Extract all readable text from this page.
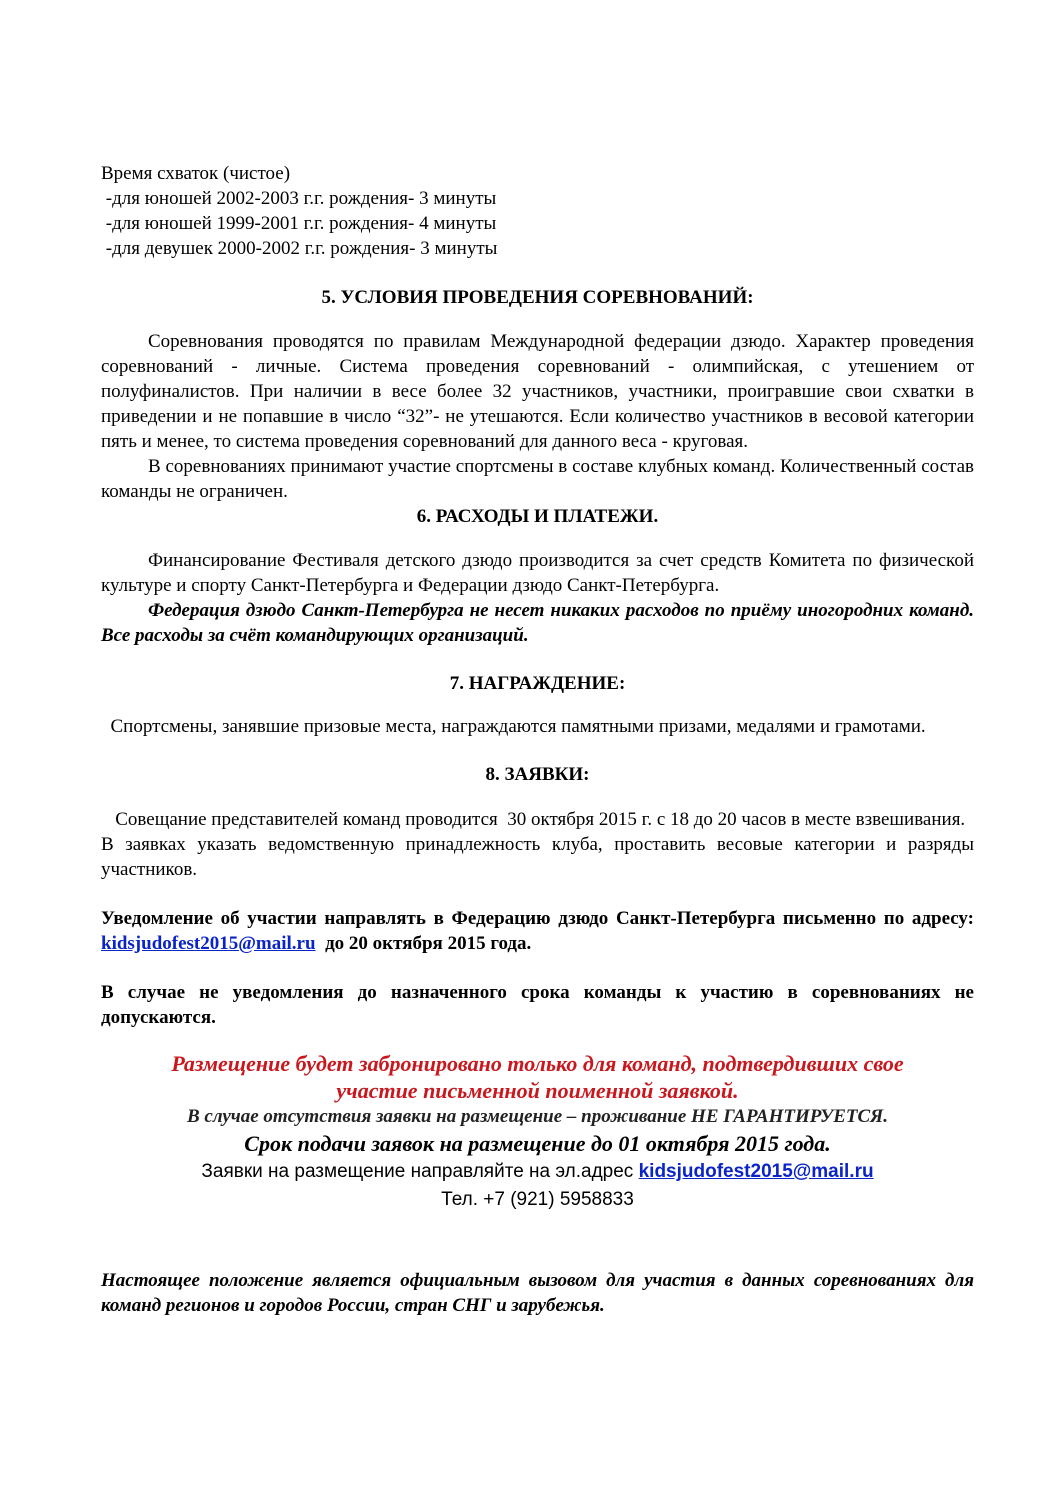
Время схваток (чистое)

-для юношей 2002-2003 г.г. рождения- 3 минуты

-для юношей 1999-2001 г.г. рождения- 4 минуты

-для девушек 2000-2002 г.г. рождения- 3 минуты

5. УСЛОВИЯ ПРОВЕДЕНИЯ СОРЕВНОВАНИЙ:

Соревнования проводятся по правилам Международной федерации дзюдо. Характер проведения соревнований - личные. Система проведения соревнований - олимпийская, с утешением от полуфиналистов. При наличии в весе более 32 участников, участники, проигравшие свои схватки в приведении и не попавшие в число “32”- не утешаются. Если количество участников в весовой категории пять и менее, то система проведения соревнований для данного веса - круговая.

В соревнованиях принимают участие спортсмены в составе клубных команд. Количественный состав команды не ограничен.

6. РАСХОДЫ И ПЛАТЕЖИ.

Финансирование Фестиваля детского дзюдо производится за счет средств Комитета по физической культуре и спорту Санкт-Петербурга и Федерации дзюдо Санкт-Петербурга.

Федерация дзюдо Санкт-Петербурга не несет никаких расходов по приёму иногородних команд. Все расходы за счёт командирующих организаций.

7. НАГРАЖДЕНИЕ:

Спортсмены, занявшие призовые места, награждаются памятными призами, медалями и грамотами.

8. ЗАЯВКИ:

Совещание представителей команд проводится  30 октября 2015 г. с 18 до 20 часов в месте взвешивания.

В заявках указать ведомственную принадлежность клуба, проставить весовые категории и разряды участников.

Уведомление об участии направлять в Федерацию дзюдо Санкт-Петербурга письменно по адресу: kidsjudofest2015@mail.ru  до 20 октября 2015 года.

В случае не уведомления до назначенного срока команды к участию в соревнованиях не допускаются.

Размещение будет забронировано только для команд, подтвердивших свое

участие письменной поименной заявкой.

В случае отсутствия заявки на размещение – проживание НЕ ГАРАНТИРУЕТСЯ.

Срок подачи заявок на размещение до 01 октября 2015 года.

Заявки на размещение направляйте на эл.адрес kidsjudofest2015@mail.ru

Тел. +7 (921) 5958833

Настоящее положение является официальным вызовом для участия в данных соревнованиях для команд регионов и городов России, стран СНГ и зарубежья.
